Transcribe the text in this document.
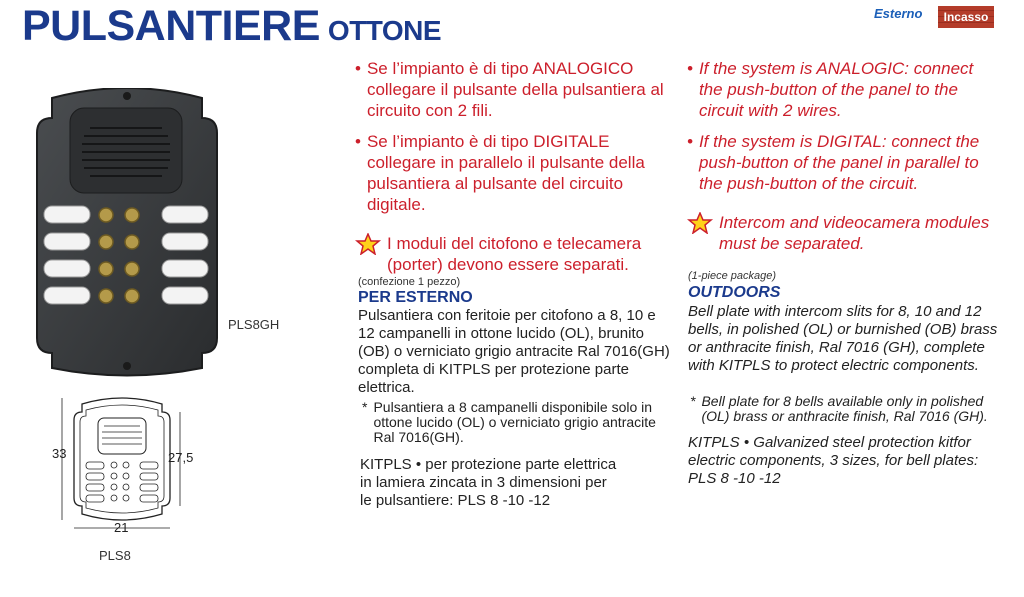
PULSANTIERE OTTONE
Esterno	Incasso
PLS8GH
33	27,5
21
PLS8
• Se l’impianto è di tipo ANALOGICO collegare il pulsante della pulsantiera al circuito con 2 fili.
• Se l’impianto è di tipo DIGITALE collegare in parallelo il pulsante della pulsantiera al pulsante del circuito digitale.
I moduli del citofono e telecamera (porter) devono essere separati.
(confezione 1 pezzo)
PER ESTERNO
Pulsantiera con feritoie per citofono a 8, 10 e 12 campanelli in ottone lucido (OL), brunito (OB) o verniciato grigio antracite Ral 7016(GH) completa di KITPLS per protezione parte elettrica.
* Pulsantiera a 8 campanelli disponibile solo in ottone lucido (OL) o verniciato grigio antracite Ral 7016(GH).
KITPLS • per protezione parte elettrica in lamiera zincata in 3 dimensioni per le pulsantiere: PLS 8 -10 -12
• If the system is ANALOGIC: connect the push-button of the panel to the circuit with 2 wires.
• If the system is DIGITAL: connect the push-button of the panel in parallel to the push-button of the circuit.
Intercom and videocamera modules must be separated.
(1-piece package)
OUTDOORS
Bell plate with intercom slits for 8, 10 and 12 bells, in polished (OL) or burnished (OB) brass or anthracite finish, Ral 7016 (GH), complete with KITPLS to protect electric components.
* Bell plate for 8 bells available only in polished (OL) brass or anthracite finish, Ral 7016 (GH).
KITPLS • Galvanized steel protection kitfor electric components, 3 sizes, for bell plates: PLS 8 -10 -12
